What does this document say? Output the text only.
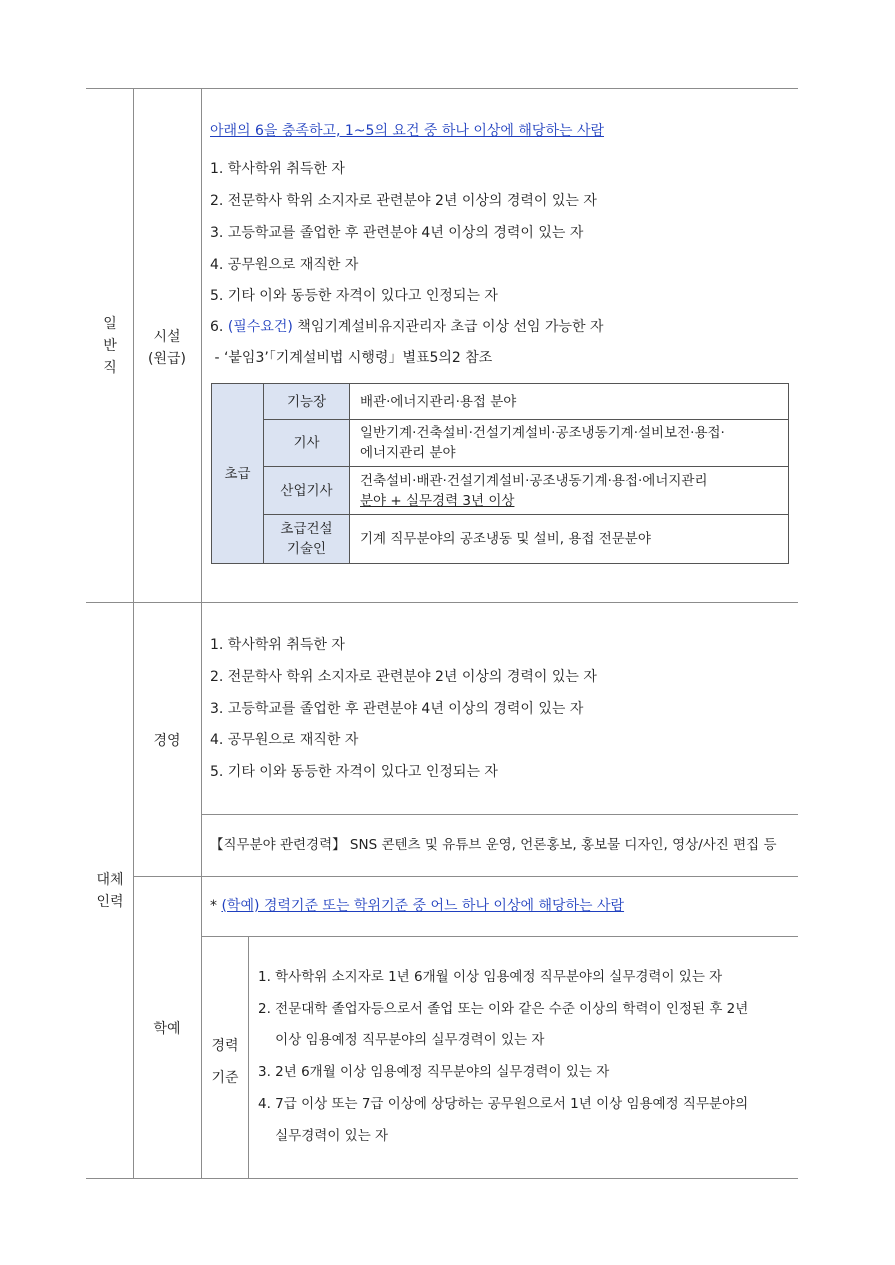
일
반
직
대체
인력
시설
(원급)
경영
학예
경력
기준
아래의 6을 충족하고, 1~5의 요건 중 하나 이상에 해당하는 사람
1. 학사학위 취득한 자
2. 전문학사 학위 소지자로 관련분야 2년 이상의 경력이 있는 자
3. 고등학교를 졸업한 후 관련분야 4년 이상의 경력이 있는 자
4. 공무원으로 재직한 자
5. 기타 이와 동등한 자격이 있다고 인정되는 자
6. (필수요건) 책임기계설비유지관리자 초급 이상 선임 가능한 자
- ‘붙임3’「기계설비법 시행령」별표5의2 참조
초급
기능장	배관·에너지관리·용접 분야
기사
일반기계·건축설비·건설기계설비·공조냉동기계·설비보전·용접·
에너지관리 분야
산업기사
건축설비·배관·건설기계설비·공조냉동기계·용접·에너지관리
분야 + 실무경력 3년 이상
초급건설
기술인
기계 직무분야의 공조냉동 및 설비, 용접 전문분야
1. 학사학위 취득한 자
2. 전문학사 학위 소지자로 관련분야 2년 이상의 경력이 있는 자
3. 고등학교를 졸업한 후 관련분야 4년 이상의 경력이 있는 자
4. 공무원으로 재직한 자
5. 기타 이와 동등한 자격이 있다고 인정되는 자
【직무분야 관련경력】 SNS 콘텐츠 및 유튜브 운영, 언론홍보, 홍보물 디자인, 영상/사진 편집 등
* (학예) 경력기준 또는 학위기준 중 어느 하나 이상에 해당하는 사람
1. 학사학위 소지자로 1년 6개월 이상 임용예정 직무분야의 실무경력이 있는 자
2. 전문대학 졸업자등으로서 졸업 또는 이와 같은 수준 이상의 학력이 인정된 후 2년
이상 임용예정 직무분야의 실무경력이 있는 자
3. 2년 6개월 이상 임용예정 직무분야의 실무경력이 있는 자
4. 7급 이상 또는 7급 이상에 상당하는 공무원으로서 1년 이상 임용예정 직무분야의
실무경력이 있는 자
